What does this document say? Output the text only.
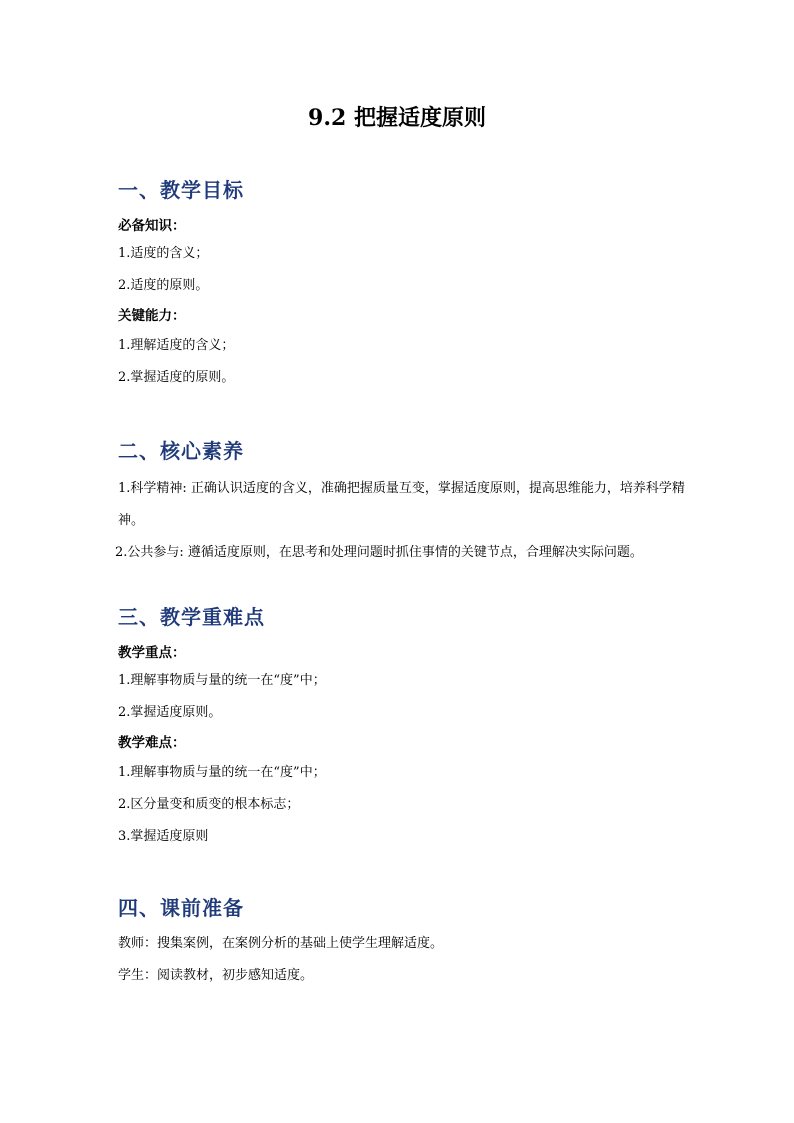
9.2 把握适度原则
一、教学目标
必备知识：
1.适度的含义；
2.适度的原则。
关键能力：
1.理解适度的含义；
2.掌握适度的原则。
二、核心素养
1.科学精神: 正确认识适度的含义，准确把握质量互变，掌握适度原则，提高思维能力，培养科学精神。
2.公共参与: 遵循适度原则，在思考和处理问题时抓住事情的关键节点，合理解决实际问题。
三、教学重难点
教学重点：
1.理解事物质与量的统一在“度”中；
2.掌握适度原则。
教学难点：
1.理解事物质与量的统一在“度”中；
2.区分量变和质变的根本标志；
3.掌握适度原则
四、课前准备
教师：搜集案例，在案例分析的基础上使学生理解适度。
学生：阅读教材，初步感知适度。
